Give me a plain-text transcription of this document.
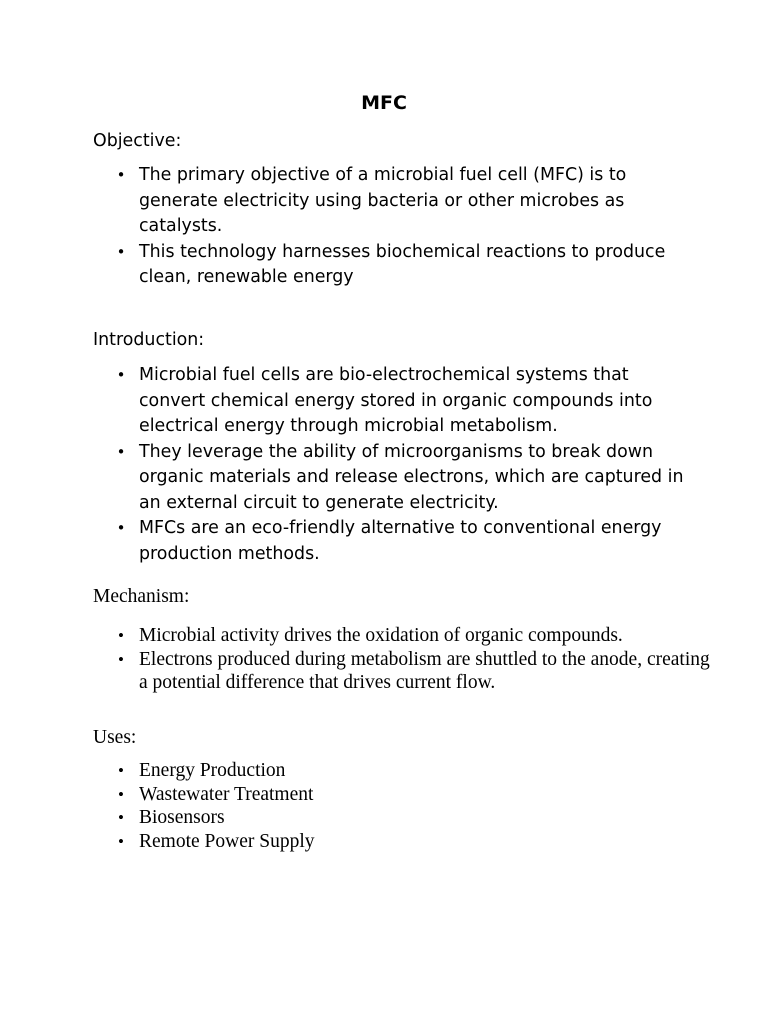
MFC
Objective:
• The primary objective of a microbial fuel cell (MFC) is to generate electricity using bacteria or other microbes as catalysts.
• This technology harnesses biochemical reactions to produce clean, renewable energy
Introduction:
• Microbial fuel cells are bio-electrochemical systems that convert chemical energy stored in organic compounds into electrical energy through microbial metabolism.
• They leverage the ability of microorganisms to break down organic materials and release electrons, which are captured in an external circuit to generate electricity.
• MFCs are an eco-friendly alternative to conventional energy production methods.
Mechanism:
• Microbial activity drives the oxidation of organic compounds.
• Electrons produced during metabolism are shuttled to the anode, creating a potential difference that drives current flow.
Uses:
• Energy Production
• Wastewater Treatment
• Biosensors
• Remote Power Supply
